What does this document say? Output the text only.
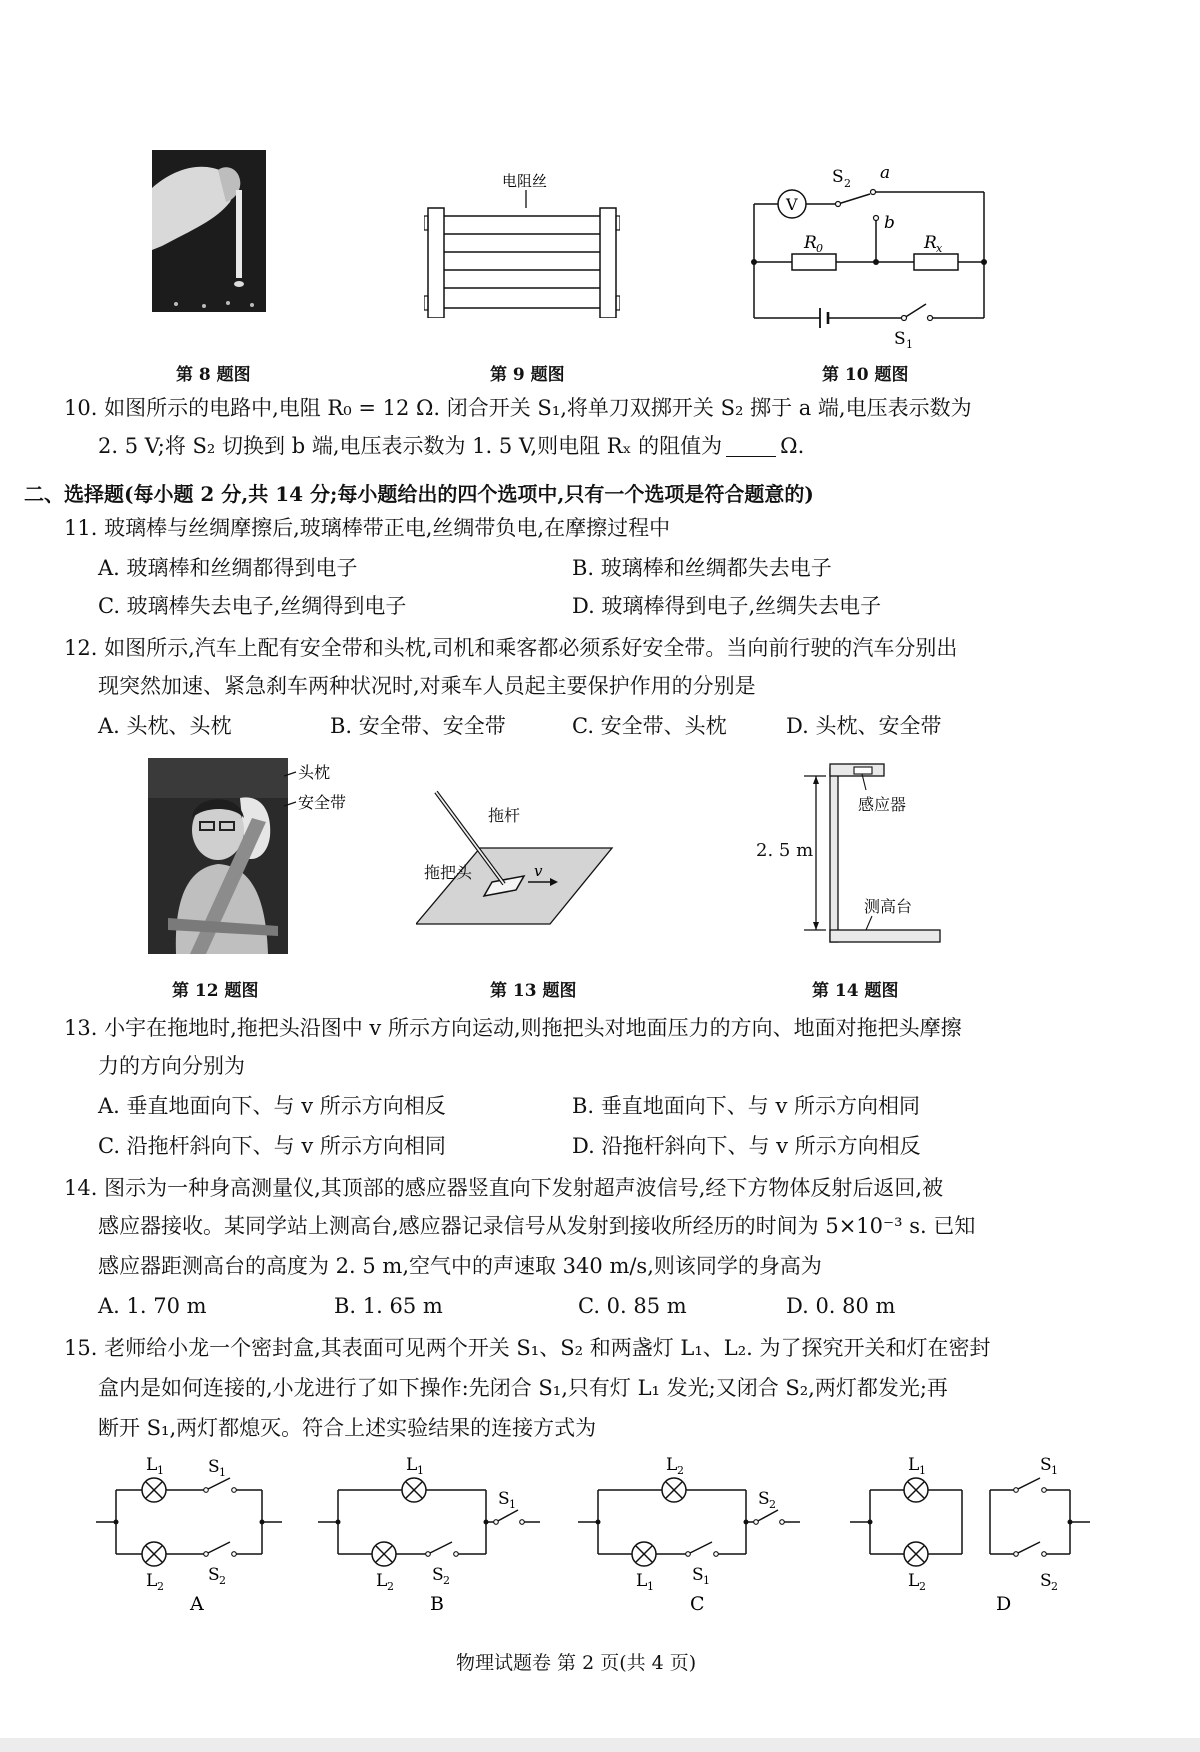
第 8 题图
电阻丝
第 9 题图
V
S 2
a
b
R 0	R x
S 1
第 10 题图
10. 如图所示的电路中,电阻 R₀ = 12 Ω. 闭合开关 S₁,将单刀双掷开关 S₂ 掷于 a 端,电压表示数为
2. 5 V;将 S₂ 切换到 b 端,电压表示数为 1. 5 V,则电阻 Rₓ 的阻值为	Ω.
二、选择题(每小题 2 分,共 14 分;每小题给出的四个选项中,只有一个选项是符合题意的)
11. 玻璃棒与丝绸摩擦后,玻璃棒带正电,丝绸带负电,在摩擦过程中
A. 玻璃棒和丝绸都得到电子	B. 玻璃棒和丝绸都失去电子
C. 玻璃棒失去电子,丝绸得到电子	D. 玻璃棒得到电子,丝绸失去电子
12. 如图所示,汽车上配有安全带和头枕,司机和乘客都必须系好安全带。当向前行驶的汽车分别出
现突然加速、紧急刹车两种状况时,对乘车人员起主要保护作用的分别是
A. 头枕、头枕	B. 安全带、安全带	C. 安全带、头枕	D. 头枕、安全带
头枕
安全带
第 12 题图
v
拖杆
拖把头
第 13 题图
感应器
2. 5 m
测高台
第 14 题图
13. 小宇在拖地时,拖把头沿图中 v 所示方向运动,则拖把头对地面压力的方向、地面对拖把头摩擦
力的方向分别为
A. 垂直地面向下、与 v 所示方向相反	B. 垂直地面向下、与 v 所示方向相同
C. 沿拖杆斜向下、与 v 所示方向相同	D. 沿拖杆斜向下、与 v 所示方向相反
14. 图示为一种身高测量仪,其顶部的感应器竖直向下发射超声波信号,经下方物体反射后返回,被
感应器接收。某同学站上测高台,感应器记录信号从发射到接收所经历的时间为 5×10⁻³ s. 已知
感应器距测高台的高度为 2. 5 m,空气中的声速取 340 m/s,则该同学的身高为
A. 1. 70 m	B. 1. 65 m	C. 0. 85 m	D. 0. 80 m
15. 老师给小龙一个密封盒,其表面可见两个开关 S₁、S₂ 和两盏灯 L₁、L₂. 为了探究开关和灯在密封
盒内是如何连接的,小龙进行了如下操作:先闭合 S₁,只有灯 L₁ 发光;又闭合 S₂,两灯都发光;再
断开 S₁,两灯都熄灭。符合上述实验结果的连接方式为
L 1	S 1
L 2
S 2
A
L 1
S 1
L 2
S 2
B
L 2
S 2
L 1
S 1
C
L 1	S 1
L 2	S 2
D
物理试题卷 第 2 页(共 4 页)
